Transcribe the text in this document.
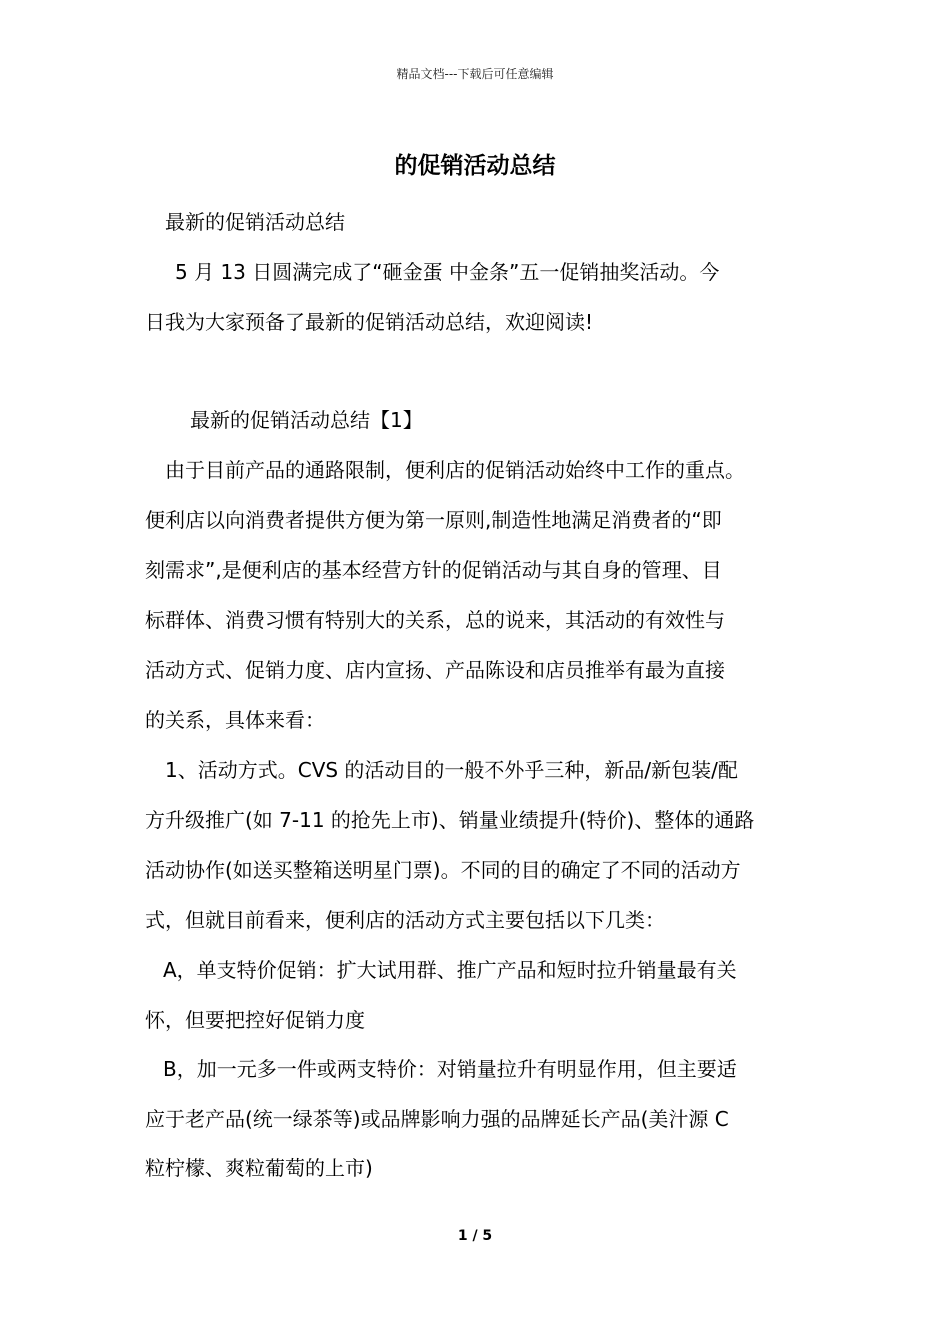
精品文档---下载后可任意编辑
的促销活动总结
最新的促销活动总结
5 月 13 日圆满完成了“砸金蛋 中金条”五一促销抽奖活动。今
日我为大家预备了最新的促销活动总结，欢迎阅读!
最新的促销活动总结【1】
由于目前产品的通路限制，便利店的促销活动始终中工作的重点。
便利店以向消费者提供方便为第一原则,制造性地满足消费者的“即
刻需求”,是便利店的基本经营方针的促销活动与其自身的管理、目
标群体、消费习惯有特别大的关系，总的说来，其活动的有效性与
活动方式、促销力度、店内宣扬、产品陈设和店员推举有最为直接
的关系，具体来看：
1、活动方式。CVS 的活动目的一般不外乎三种，新品/新包装/配
方升级推广(如 7-11 的抢先上市)、销量业绩提升(特价)、整体的通路
活动协作(如送买整箱送明星门票)。不同的目的确定了不同的活动方
式，但就目前看来，便利店的活动方式主要包括以下几类：
A，单支特价促销：扩大试用群、推广产品和短时拉升销量最有关
怀，但要把控好促销力度
B，加一元多一件或两支特价：对销量拉升有明显作用，但主要适
应于老产品(统一绿茶等)或品牌影响力强的品牌延长产品(美汁源 C
粒柠檬、爽粒葡萄的上市)
1 / 5
